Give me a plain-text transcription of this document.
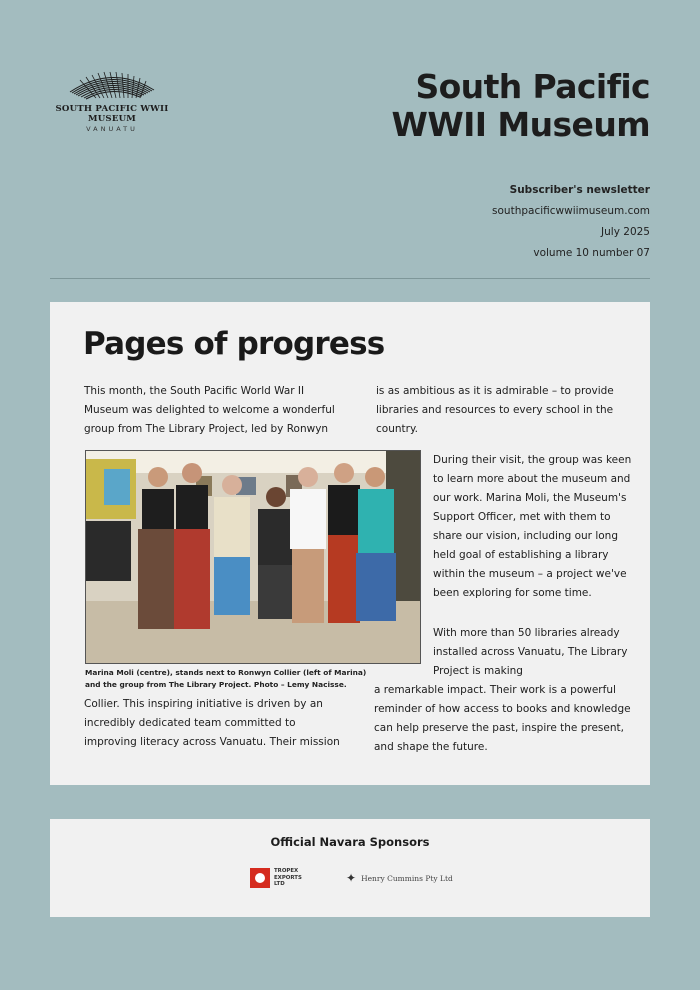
SOUTH PACIFIC WWII
MUSEUM
VANUATU
South Pacific
WWII Museum
Subscriber's newsletter
southpacificwwiimuseum.com
July 2025
volume 10 number 07
Pages of progress

This month, the South Pacific World War II Museum was delighted to welcome a wonderful group from The Library Project, led by Ronwyn

is as ambitious as it is admirable – to provide libraries and resources to every school in the country.

During their visit, the group was keen to learn more about the museum and our work. Marina Moli, the Museum's Support Officer, met with them to share our vision, including our long held goal of establishing a library within the museum – a project we've been exploring for some time.

With more than 50 libraries already installed across Vanuatu, The Library Project is making

a remarkable impact. Their work is a powerful reminder of how access to books and knowledge can help preserve the past, inspire the present, and shape the future.

Marina Moli (centre), stands next to Ronwyn Collier (left of Marina) and the group from The Library Project. Photo – Lemy Nacisse.

Collier. This inspiring initiative is driven by an incredibly dedicated team committed to improving literacy across Vanuatu. Their mission

Official Navara Sponsors
TROPEX EXPORTS LTD	✦ Henry Cummins Pty Ltd
